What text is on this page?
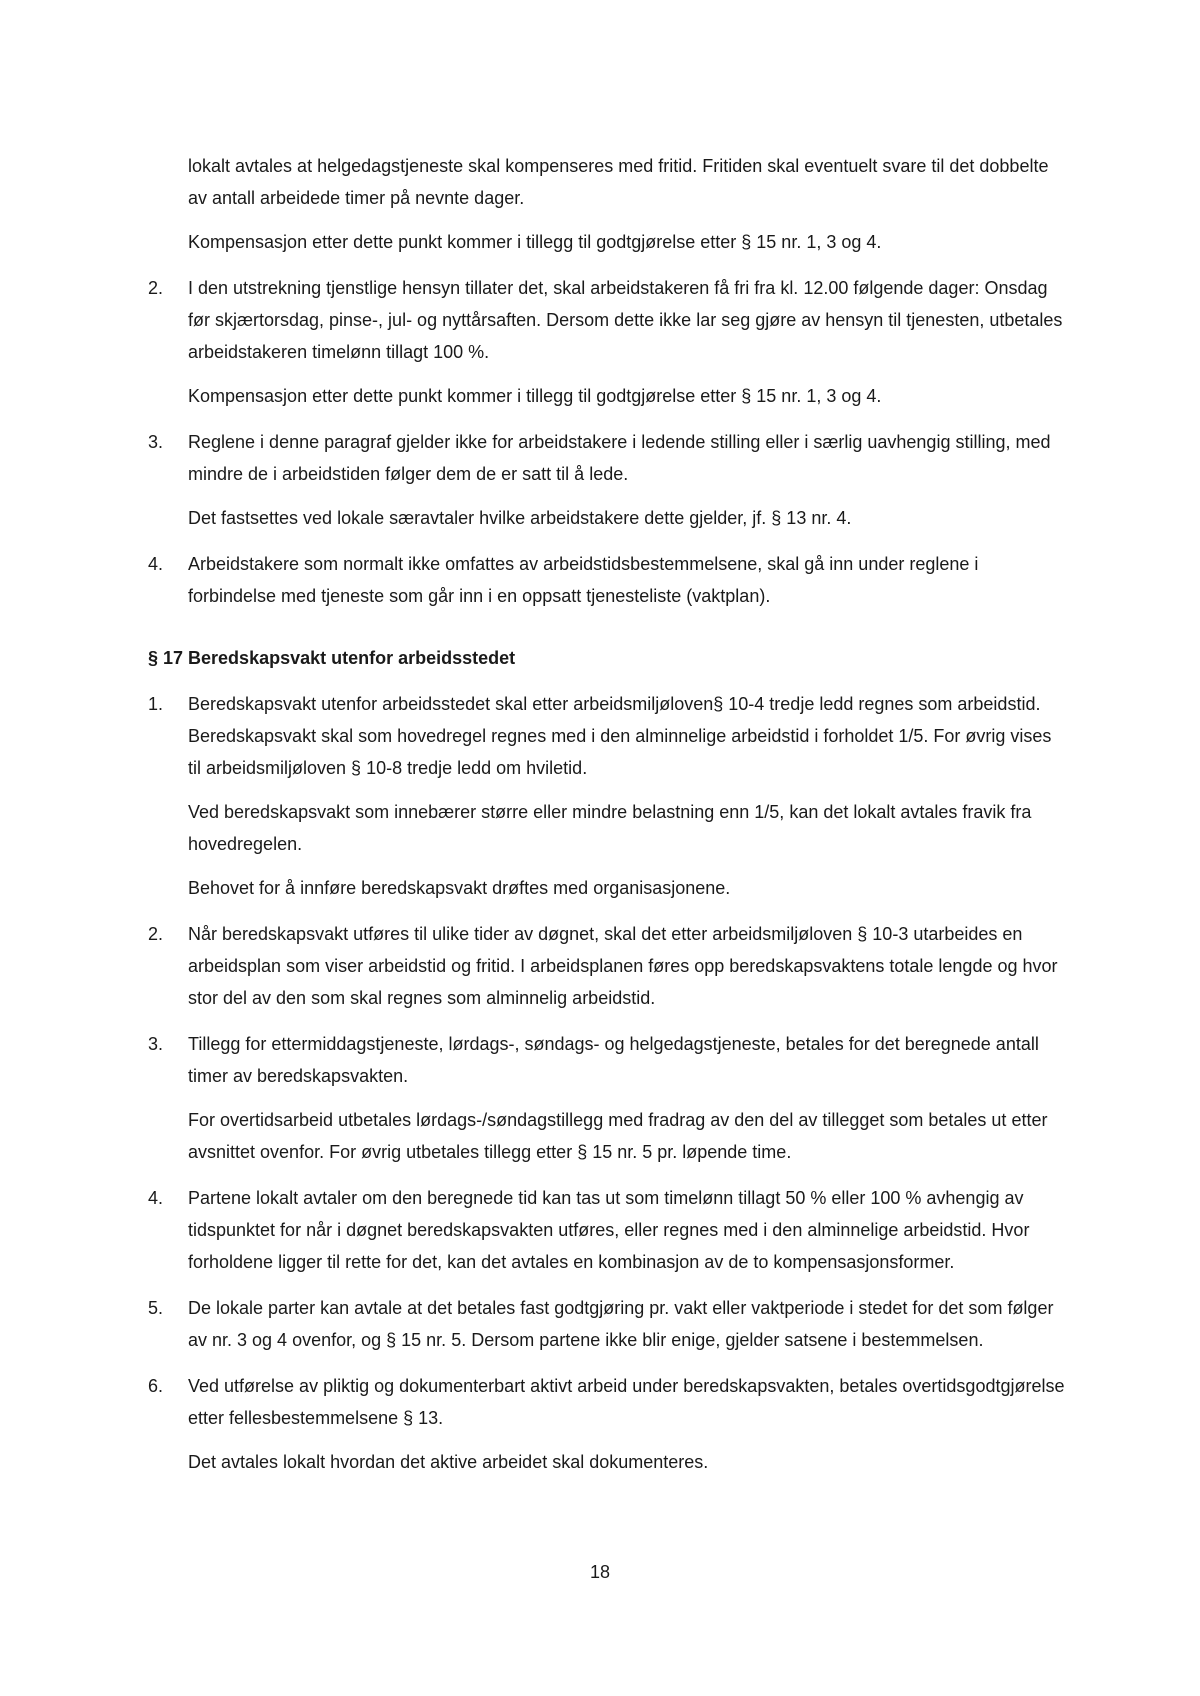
lokalt avtales at helgedagstjeneste skal kompenseres med fritid. Fritiden skal eventuelt svare til det dobbelte av antall arbeidede timer på nevnte dager.

Kompensasjon etter dette punkt kommer i tillegg til godtgjørelse etter § 15 nr. 1, 3 og 4.

2.	I den utstrekning tjenstlige hensyn tillater det, skal arbeidstakeren få fri fra kl. 12.00 følgende dager: Onsdag før skjærtorsdag, pinse-, jul- og nyttårsaften. Dersom dette ikke lar seg gjøre av hensyn til tjenesten, utbetales arbeidstakeren timelønn tillagt 100 %.

Kompensasjon etter dette punkt kommer i tillegg til godtgjørelse etter § 15 nr. 1, 3 og 4.

3.	Reglene i denne paragraf gjelder ikke for arbeidstakere i ledende stilling eller i særlig uavhengig stilling, med mindre de i arbeidstiden følger dem de er satt til å lede.

Det fastsettes ved lokale særavtaler hvilke arbeidstakere dette gjelder, jf. § 13 nr. 4.

4.	Arbeidstakere som normalt ikke omfattes av arbeidstidsbestemmelsene, skal gå inn under reglene i forbindelse med tjeneste som går inn i en oppsatt tjenesteliste (vaktplan).

§ 17 Beredskapsvakt utenfor arbeidsstedet
1.	Beredskapsvakt utenfor arbeidsstedet skal etter arbeidsmiljøloven§ 10-4 tredje ledd regnes som arbeidstid. Beredskapsvakt skal som hovedregel regnes med i den alminnelige arbeidstid i forholdet 1/5. For øvrig vises til arbeidsmiljøloven § 10-8 tredje ledd om hviletid.

Ved beredskapsvakt som innebærer større eller mindre belastning enn 1/5, kan det lokalt avtales fravik fra hovedregelen.

Behovet for å innføre beredskapsvakt drøftes med organisasjonene.

2.	Når beredskapsvakt utføres til ulike tider av døgnet, skal det etter arbeidsmiljøloven § 10-3 utarbeides en arbeidsplan som viser arbeidstid og fritid. I arbeidsplanen føres opp beredskapsvaktens totale lengde og hvor stor del av den som skal regnes som alminnelig arbeidstid.

3.	Tillegg for ettermiddagstjeneste, lørdags-, søndags- og helgedagstjeneste, betales for det beregnede antall timer av beredskapsvakten.

For overtidsarbeid utbetales lørdags-/søndagstillegg med fradrag av den del av tillegget som betales ut etter avsnittet ovenfor. For øvrig utbetales tillegg etter § 15 nr. 5 pr. løpende time.

4.	Partene lokalt avtaler om den beregnede tid kan tas ut som timelønn tillagt 50 % eller 100 % avhengig av tidspunktet for når i døgnet beredskapsvakten utføres, eller regnes med i den alminnelige arbeidstid. Hvor forholdene ligger til rette for det, kan det avtales en kombinasjon av de to kompensasjonsformer.

5.	De lokale parter kan avtale at det betales fast godtgjøring pr. vakt eller vaktperiode i stedet for det som følger av nr. 3 og 4 ovenfor, og § 15 nr. 5. Dersom partene ikke blir enige, gjelder satsene i bestemmelsen.

6.	Ved utførelse av pliktig og dokumenterbart aktivt arbeid under beredskapsvakten, betales overtidsgodtgjørelse etter fellesbestemmelsene § 13.

Det avtales lokalt hvordan det aktive arbeidet skal dokumenteres.

18
